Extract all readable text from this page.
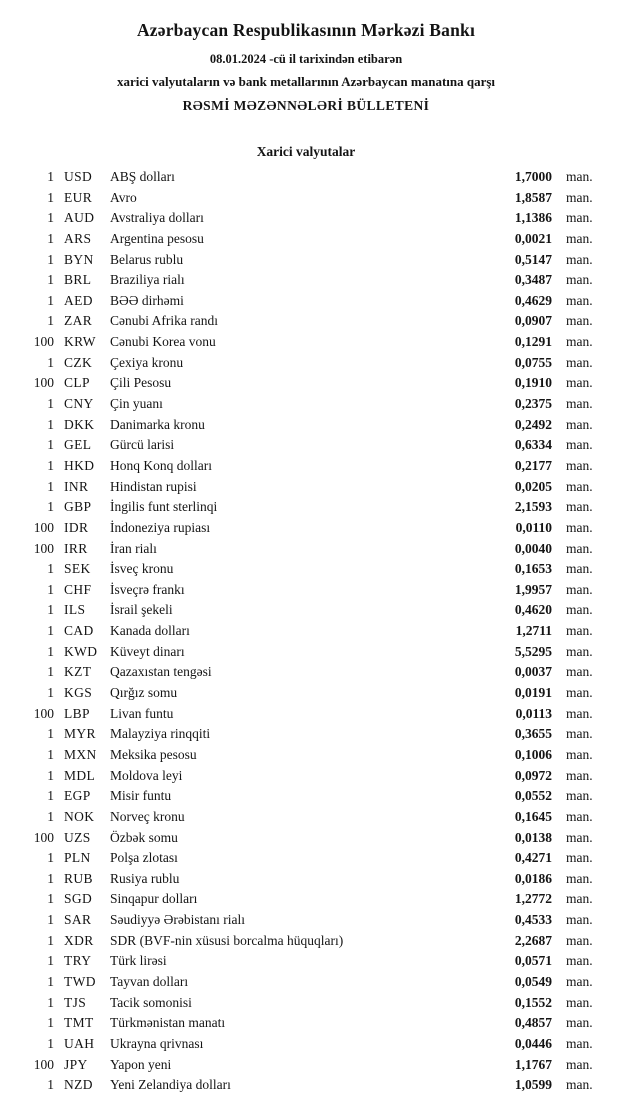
Azərbaycan Respublikasının Mərkəzi Bankı
08.01.2024 -cü il tarixindən etibarən
xarici valyutaların və bank metallarının Azərbaycan manatına qarşı
RƏSMİ MƏZƏNNƏLƏRİ BÜLLETENİ
Xarici valyutalar
1 USD	ABŞ dolları	1,7000	man.
1 EUR	Avro	1,8587	man.
1 AUD	Avstraliya dolları	1,1386	man.
1 ARS	Argentina pesosu	0,0021	man.
1 BYN	Belarus rublu	0,5147	man.
1 BRL	Braziliya rialı	0,3487	man.
1 AED	BƏƏ dirhəmi	0,4629	man.
1 ZAR	Cənubi Afrika randı	0,0907	man.
100 KRW	Cənubi Korea vonu	0,1291	man.
1 CZK	Çexiya kronu	0,0755	man.
100 CLP	Çili Pesosu	0,1910	man.
1 CNY	Çin yuanı	0,2375	man.
1 DKK	Danimarka kronu	0,2492	man.
1 GEL	Gürcü larisi	0,6334	man.
1 HKD	Honq Konq dolları	0,2177	man.
1 INR	Hindistan rupisi	0,0205	man.
1 GBP	İngilis funt sterlinqi	2,1593	man.
100 IDR	İndoneziya rupiası	0,0110	man.
100 IRR	İran rialı	0,0040	man.
1 SEK	İsveç kronu	0,1653	man.
1 CHF	İsveçrə frankı	1,9957	man.
1 ILS	İsrail şekeli	0,4620	man.
1 CAD	Kanada dolları	1,2711	man.
1 KWD Küveyt dinarı	5,5295	man.
1 KZT	Qazaxıstan tengəsi	0,0037	man.
1 KGS	Qırğız somu	0,0191	man.
100 LBP	Livan funtu	0,0113	man.
1 MYR	Malayziya rinqqiti	0,3655	man.
1 MXN Meksika pesosu	0,1006	man.
1 MDL	Moldova leyi	0,0972	man.
1 EGP	Misir funtu	0,0552	man.
1 NOK	Norveç kronu	0,1645	man.
100 UZS	Özbək somu	0,0138	man.
1 PLN	Polşa zlotası	0,4271	man.
1 RUB	Rusiya rublu	0,0186	man.
1 SGD	Sinqapur dolları	1,2772	man.
1 SAR	Səudiyyə Ərəbistanı rialı	0,4533	man.
1 XDR	SDR (BVF-nin xüsusi borcalma hüquqları)	2,2687	man.
1 TRY	Türk lirəsi	0,0571	man.
1 TWD	Tayvan dolları	0,0549	man.
1 TJS	Tacik somonisi	0,1552	man.
1 TMT	Türkmənistan manatı	0,4857	man.
1 UAH	Ukrayna qrivnası	0,0446	man.
100 JPY	Yapon yeni	1,1767	man.
1 NZD	Yeni Zelandiya dolları	1,0599	man.
